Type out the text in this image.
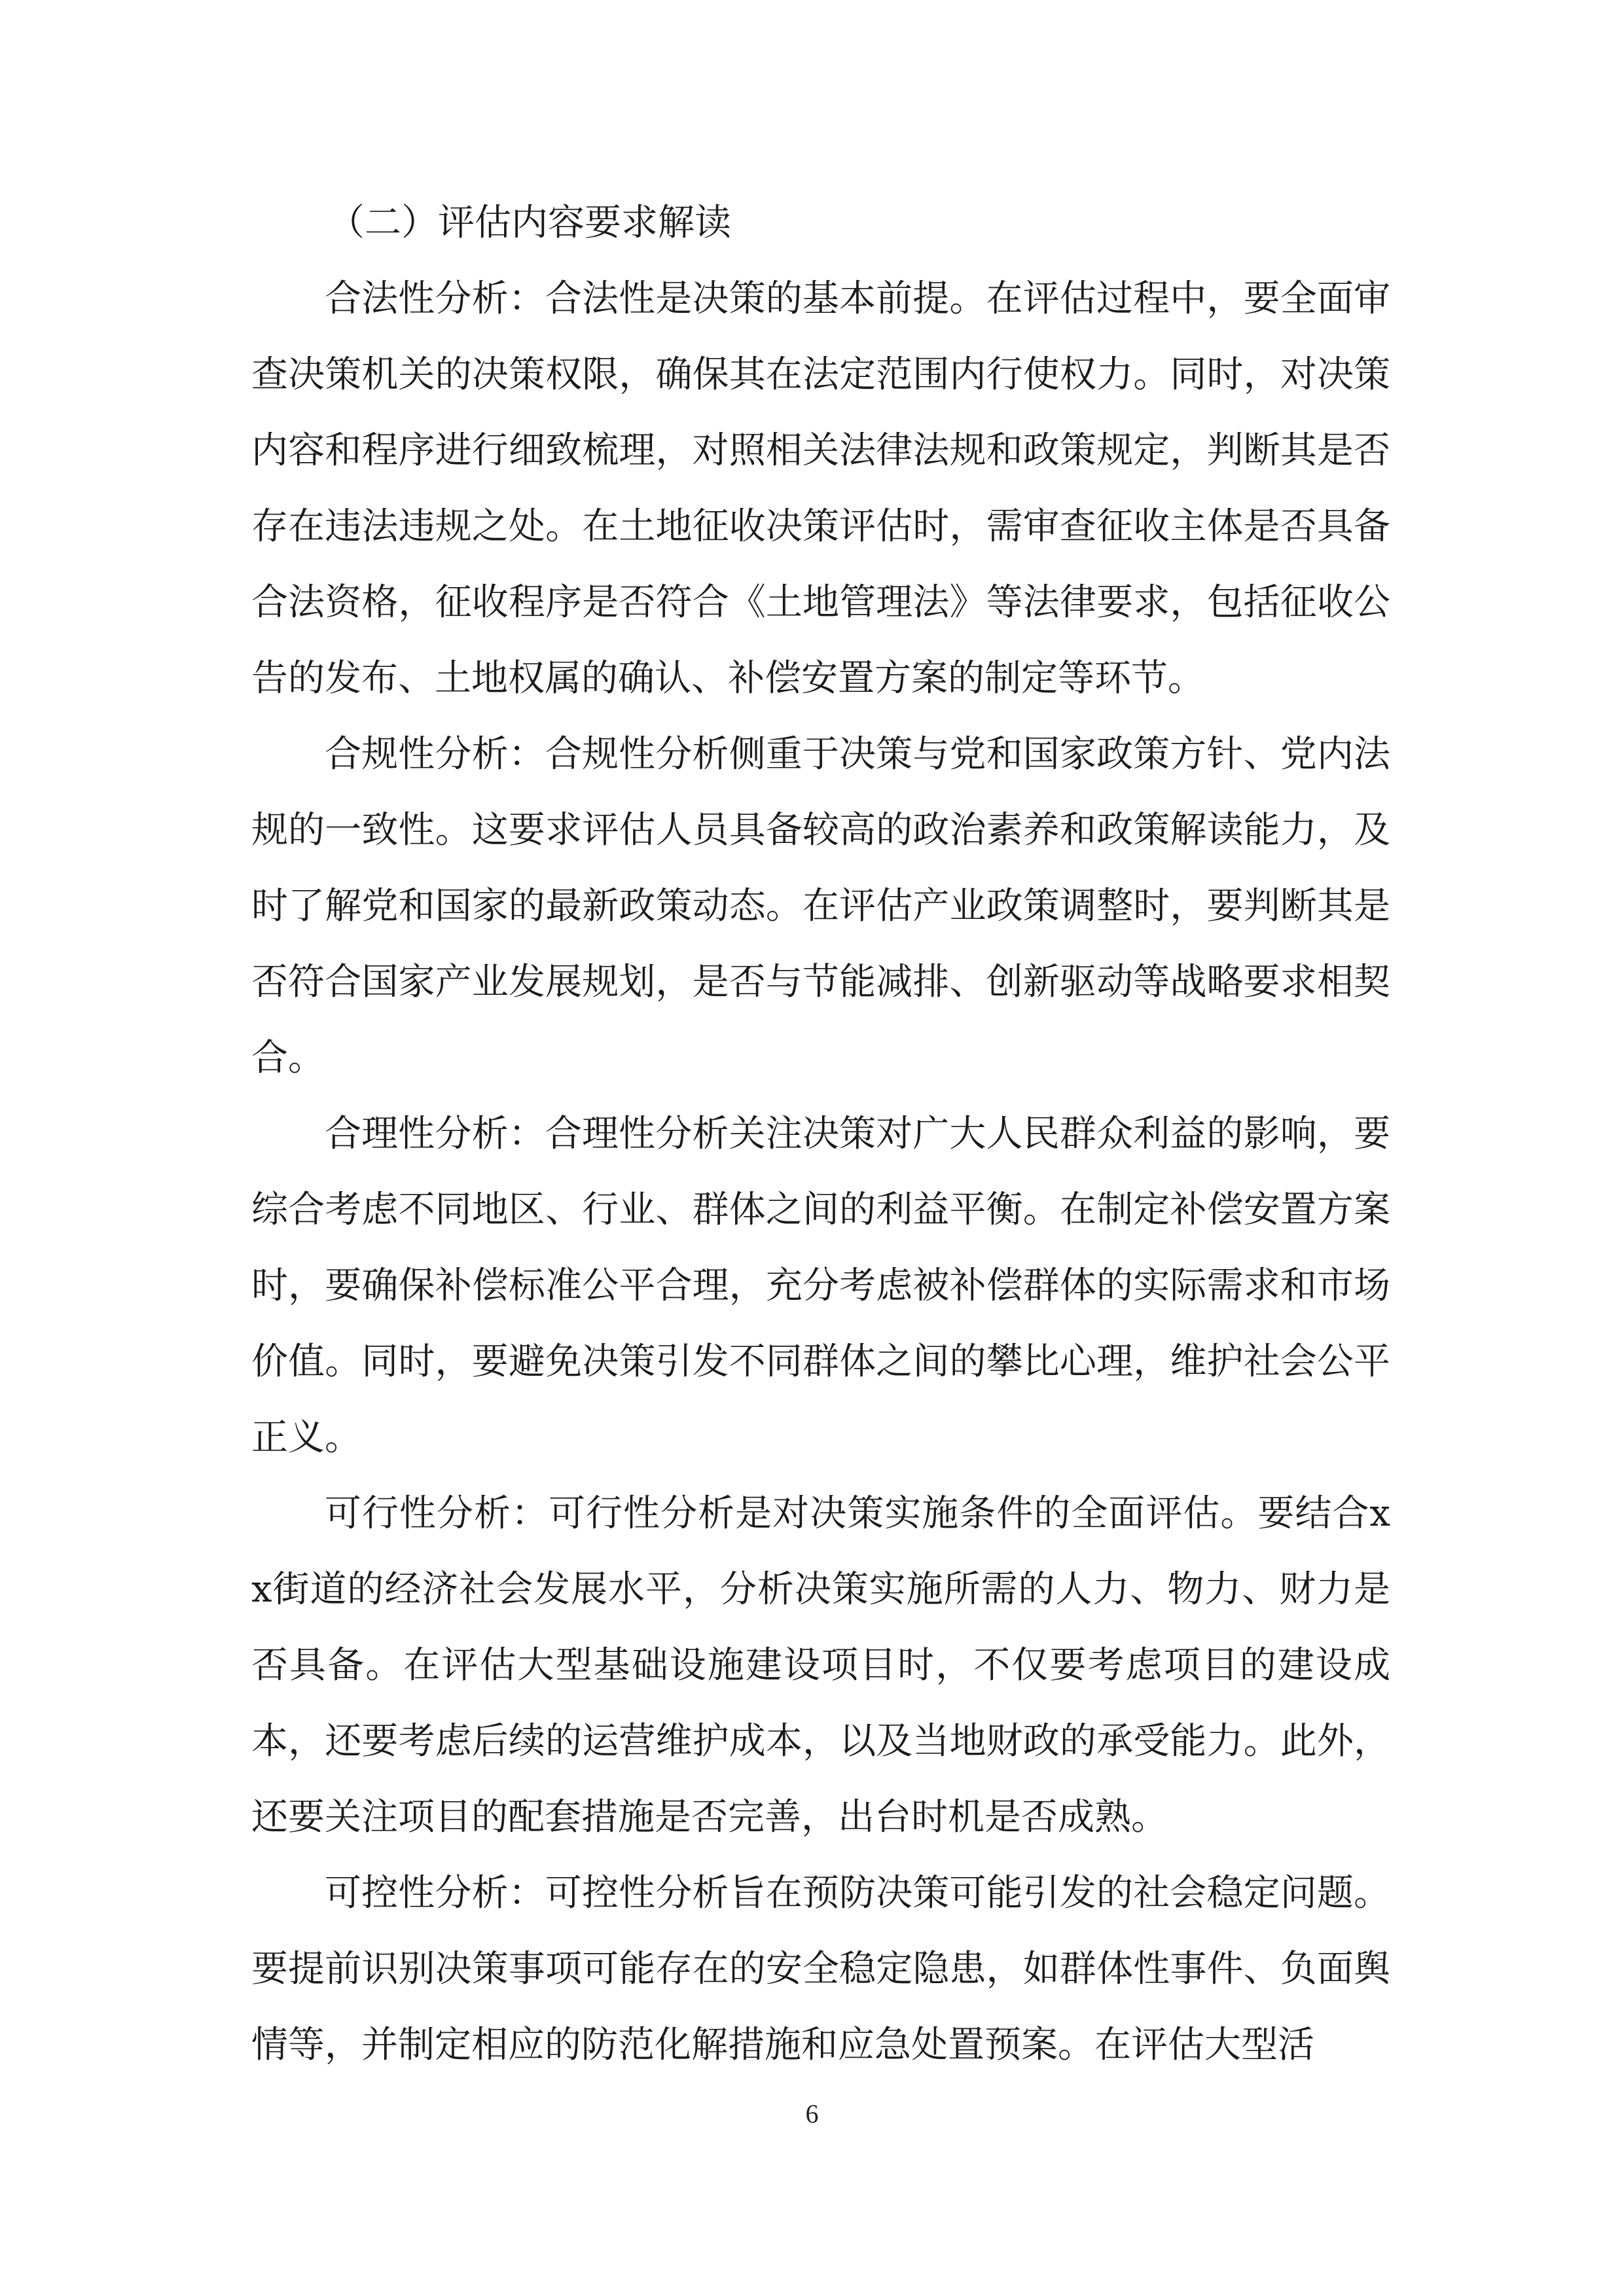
（二）评估内容要求解读

合法性分析：合法性是决策的基本前提。在评估过程中，要全面审查决策机关的决策权限，确保其在法定范围内行使权力。同时，对决策内容和程序进行细致梳理，对照相关法律法规和政策规定，判断其是否存在违法违规之处。在土地征收决策评估时，需审查征收主体是否具备合法资格，征收程序是否符合《土地管理法》等法律要求，包括征收公告的发布、土地权属的确认、补偿安置方案的制定等环节。

合规性分析：合规性分析侧重于决策与党和国家政策方针、党内法规的一致性。这要求评估人员具备较高的政治素养和政策解读能力，及时了解党和国家的最新政策动态。在评估产业政策调整时，要判断其是否符合国家产业发展规划，是否与节能减排、创新驱动等战略要求相契合。

合理性分析：合理性分析关注决策对广大人民群众利益的影响，要综合考虑不同地区、行业、群体之间的利益平衡。在制定补偿安置方案时，要确保补偿标准公平合理，充分考虑被补偿群体的实际需求和市场价值。同时，要避免决策引发不同群体之间的攀比心理，维护社会公平正义。

可行性分析：可行性分析是对决策实施条件的全面评估。要结合xx街道的经济社会发展水平，分析决策实施所需的人力、物力、财力是否具备。在评估大型基础设施建设项目时，不仅要考虑项目的建设成本，还要考虑后续的运营维护成本，以及当地财政的承受能力。此外，还要关注项目的配套措施是否完善，出台时机是否成熟。

可控性分析：可控性分析旨在预防决策可能引发的社会稳定问题。要提前识别决策事项可能存在的安全稳定隐患，如群体性事件、负面舆情等，并制定相应的防范化解措施和应急处置预案。在评估大型活

6
